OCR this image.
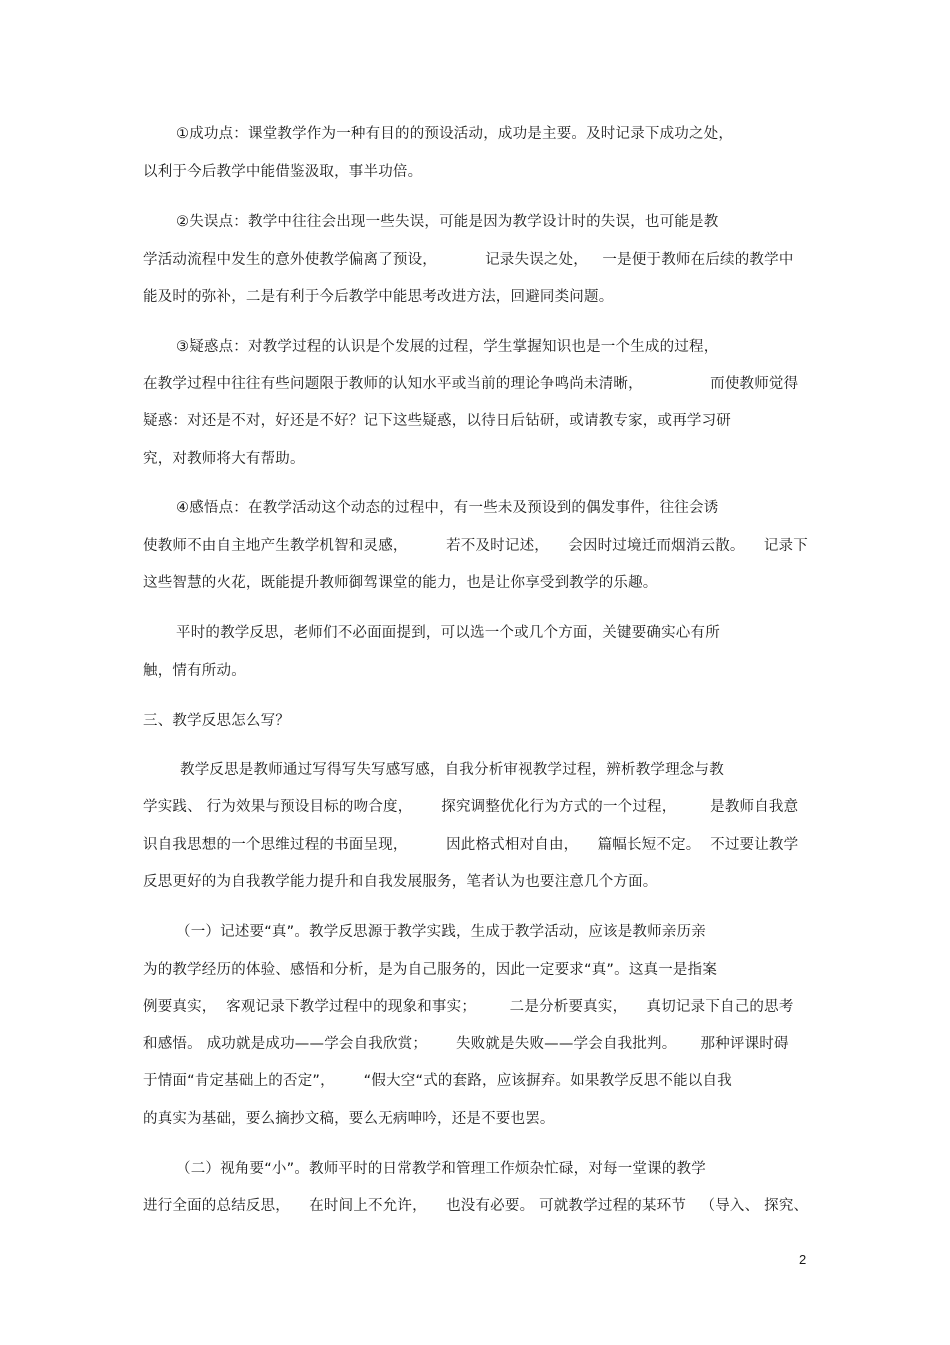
①成功点：课堂教学作为一种有目的的预设活动，成功是主要。及时记录下成功之处，
以利于今后教学中能借鉴汲取，事半功倍。
②失误点：教学中往往会出现一些失误，可能是因为教学设计时的失误，也可能是教
学活动流程中发生的意外使教学偏离了预设，          记录失误之处，   一是便于教师在后续的教学中
能及时的弥补，二是有利于今后教学中能思考改进方法，回避同类问题。
③疑惑点：对教学过程的认识是个发展的过程，学生掌握知识也是一个生成的过程，
在教学过程中往往有些问题限于教师的认知水平或当前的理论争鸣尚未清晰，              而使教师觉得
疑惑：对还是不对，好还是不好？记下这些疑惑，以待日后钻研，或请教专家，或再学习研
究，对教师将大有帮助。
④感悟点：在教学活动这个动态的过程中，有一些未及预设到的偶发事件，往往会诱
使教师不由自主地产生教学机智和灵感，        若不及时记述，    会因时过境迁而烟消云散。    记录下
这些智慧的火花，既能提升教师御驾课堂的能力，也是让你享受到教学的乐趣。
平时的教学反思，老师们不必面面提到，可以选一个或几个方面，关键要确实心有所
触，情有所动。
三、教学反思怎么写？
教学反思是教师通过写得写失写感写感，自我分析审视教学过程，辨析教学理念与教
学实践、 行为效果与预设目标的吻合度，      探究调整优化行为方式的一个过程，       是教师自我意
识自我思想的一个思维过程的书面呈现，        因此格式相对自由，    篇幅长短不定。  不过要让教学
反思更好的为自我教学能力提升和自我发展服务，笔者认为也要注意几个方面。
（一）记述要“真”。教学反思源于教学实践，生成于教学活动，应该是教师亲历亲
为的教学经历的体验、感悟和分析，是为自己服务的，因此一定要求“真”。这真一是指案
例要真实，  客观记录下教学过程中的现象和事实；       二是分析要真实，    真切记录下自己的思考
和感悟。 成功就是成功——学会自我欣赏；      失败就是失败——学会自我批判。     那种评课时碍
于情面“肯定基础上的否定”，      “假大空“式的套路，应该摒弃。如果教学反思不能以自我
的真实为基础，要么摘抄文稿，要么无病呻吟，还是不要也罢。
（二）视角要“小”。教师平时的日常教学和管理工作烦杂忙碌，对每一堂课的教学
进行全面的总结反思，    在时间上不允许，    也没有必要。 可就教学过程的某环节   （导入、 探究、
2
